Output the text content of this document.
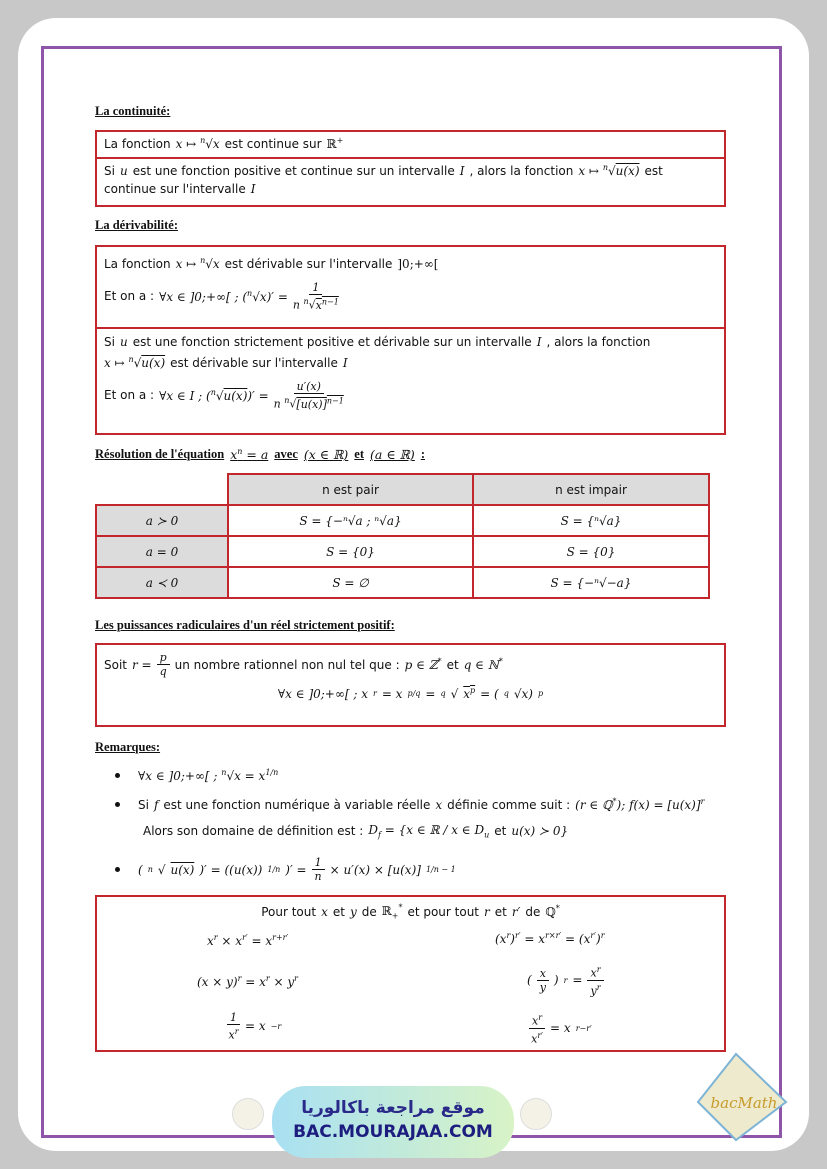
La continuité:
La fonction x ↦ $^n$√x est continue sur ℝ+
Si u est une fonction positive et continue sur un intervalle I , alors la fonction x ↦ $^n$√u(x) est
continue sur l'intervalle I
La dérivabilité:
La fonction x ↦ $^n$√x est dérivable sur l'intervalle ]0;+∞[
Et on a : ∀x ∈ ]0;+∞[ ; $(^n√x)' = \frac{1}{n ^n√x^{n-1}}$
Si u est une fonction strictement positive et dérivable sur un intervalle I , alors la fonction
x ↦ $^n$√u(x) est dérivable sur l'intervalle I
Et on a : ∀x ∈ I ; $(^n√u(x))' = \frac{u'(x)}{n ^n√[u(x)]^{n-1}}$
Résolution de l'équation $x^n = a$ avec (x ∈ ℝ) et (a ∈ ℝ) :
	n est pair	n est impair
a ≻ 0	S = {−ⁿ√a ; ⁿ√a}	S = {ⁿ√a}
a = 0	S = {0}	S = {0}
a ≺ 0	S = ∅	S = {−ⁿ√−a}
Les puissances radiculaires d'un réel strictement positif:
Soit $r = \frac{p}{q}$ un nombre rationnel non nul tel que : p ∈ ℤ* et q ∈ ℕ*
∀x ∈ ]0;+∞[ ; x r = x p/q = q √ $x^p$ = ( q √x) p
Remarques:
∀x ∈ ]0;+∞[ ; $^n√x = x^{1/n}$
Si f est une fonction numérique à variable réelle x définie comme suit : (r ∈ ℚ*); $f(x) = [u(x)]^r$
Alors son domaine de définition est : $D_f = \{x$ ∈ ℝ / x ∈ $D_u$ et u(x) ≻ 0}
( n √ u(x) )′ = ((u(x)) 1/n )′ = $\frac{1}{n} \times u'(x) \times [u(x)] 1/n - 1$
Pour tout x et y de ℝ$_+$* et pour tout r et r′ de ℚ*
$x^r \times x^{r'} = x^{r+r'}$	$(x^r)^{r'} = x^{r\times r'} = (x^{r'})^r$
$(x \times y)^r = x^r \times y^r$	( $\frac{x}{y}$ ) $r = \frac{x^r}{y^r}$
$\frac{1}{x^r} = x -r$	$\frac{x^r}{x^{r'}} = x$ r−r′
موقع مراجعة باكالوريا
BAC.MOURAJAA.COM
bacMath
